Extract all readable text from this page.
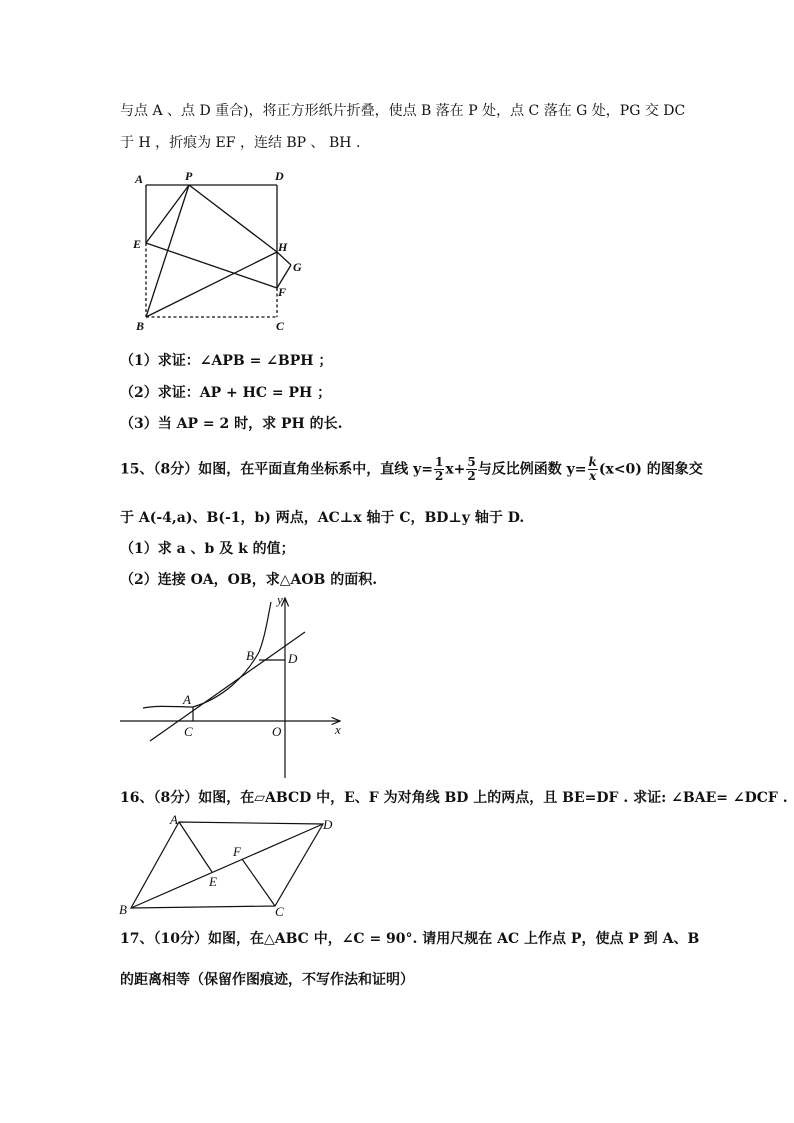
与点 A 、点 D 重合)，将正方形纸片折叠，使点 B 落在 P 处，点 C 落在 G 处，PG 交 DC
于 H ，折痕为 EF ，连结 BP 、 BH .
A	P	D
E	H
G
F
B	C
（1）求证：∠APB = ∠BPH ；
（2）求证：AP + HC = PH ；
（3）当 AP = 2 时，求 PH 的长.
15、（8分）如图，在平面直角坐标系中，直线 $y= \frac{1}{2} x+ \frac{5}{2}$ 与反比例函数 $y= \frac{k}{x} (x<0)$ 的图象交
于 A(-4,a)、B(-1，b) 两点，AC⊥x 轴于 C，BD⊥y 轴于 D.
（1）求 a 、b 及 k 的值；
（2）连接 OA，OB，求△AOB 的面积.
y
B	D
A
C	O	x
16、（8分）如图，在▱ABCD 中，E、F 为对角线 BD 上的两点，且 BE=DF . 求证: ∠BAE= ∠DCF .
A	D
F
E
B	C
17、（10分）如图，在△ABC 中，∠C = 90°. 请用尺规在 AC 上作点 P，使点 P 到 A、B
的距离相等（保留作图痕迹，不写作法和证明）
